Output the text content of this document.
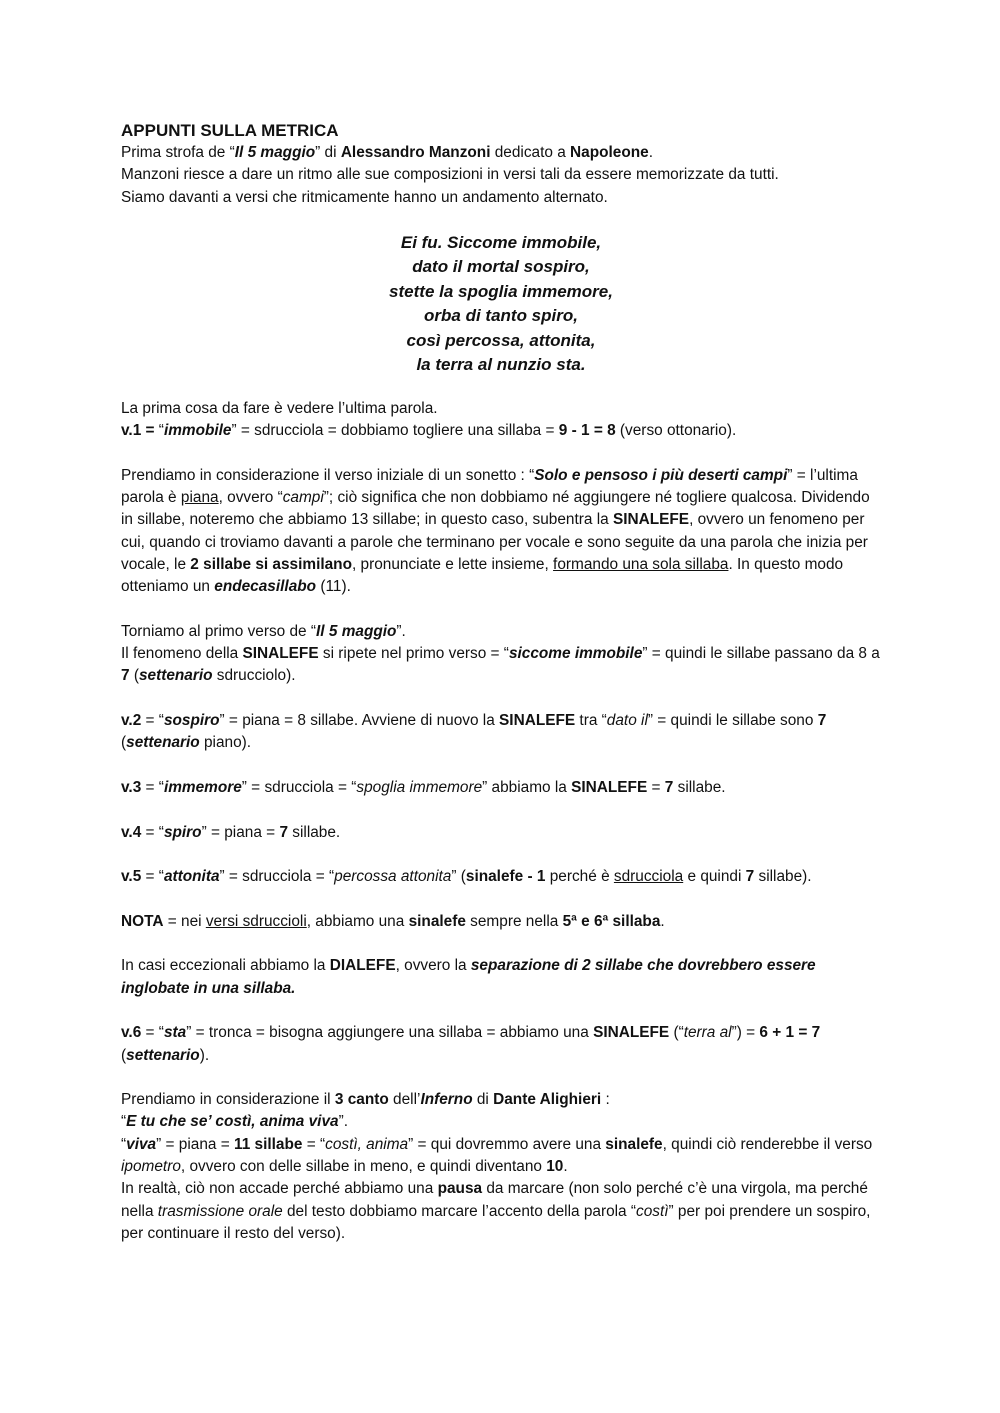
APPUNTI SULLA METRICA

Prima strofa de “Il 5 maggio” di Alessandro Manzoni dedicato a Napoleone.

Manzoni riesce a dare un ritmo alle sue composizioni in versi tali da essere memorizzate da tutti.

Siamo davanti a versi che ritmicamente hanno un andamento alternato.

Ei fu. Siccome immobile,
dato il mortal sospiro,
stette la spoglia immemore,
orba di tanto spiro,
così percossa, attonita,
la terra al nunzio sta.

La prima cosa da fare è vedere l’ultima parola.

v.1 = “immobile” = sdrucciola = dobbiamo togliere una sillaba = 9 - 1 = 8 (verso ottonario).

Prendiamo in considerazione il verso iniziale di un sonetto : “Solo e pensoso i più deserti campi” = l’ultima parola è piana, ovvero “campi”; ciò significa che non dobbiamo né aggiungere né togliere qualcosa. Dividendo in sillabe, noteremo che abbiamo 13 sillabe; in questo caso, subentra la SINALEFE, ovvero un fenomeno per cui, quando ci troviamo davanti a parole che terminano per vocale e sono seguite da una parola che inizia per vocale, le 2 sillabe si assimilano, pronunciate e lette insieme, formando una sola sillaba. In questo modo otteniamo un endecasillabo (11).

Torniamo al primo verso de “Il 5 maggio”.

Il fenomeno della SINALEFE si ripete nel primo verso = “siccome immobile” = quindi le sillabe passano da 8 a 7 (settenario sdrucciolo).

v.2 = “sospiro” = piana = 8 sillabe. Avviene di nuovo la SINALEFE tra “dato il” = quindi le sillabe sono 7 (settenario piano).

v.3 = “immemore” = sdrucciola = “spoglia immemore” abbiamo la SINALEFE = 7 sillabe.

v.4 = “spiro” = piana = 7 sillabe.

v.5 = “attonita” = sdrucciola = “percossa attonita” (sinalefe - 1 perché è sdrucciola e quindi 7 sillabe).

NOTA = nei versi sdruccioli, abbiamo una sinalefe sempre nella 5ª e 6ª sillaba.

In casi eccezionali abbiamo la DIALEFE, ovvero la separazione di 2 sillabe che dovrebbero essere inglobate in una sillaba.

v.6 = “sta” = tronca = bisogna aggiungere una sillaba = abbiamo una SINALEFE (“terra al”) = 6 + 1 = 7 (settenario).

Prendiamo in considerazione il 3 canto dell’Inferno di Dante Alighieri :

“E tu che se’ costì, anima viva”.

“viva” = piana = 11 sillabe = “costì, anima” = qui dovremmo avere una sinalefe, quindi ciò renderebbe il verso ipometro, ovvero con delle sillabe in meno, e quindi diventano 10.

In realtà, ciò non accade perché abbiamo una pausa da marcare (non solo perché c’è una virgola, ma perché nella trasmissione orale del testo dobbiamo marcare l’accento della parola “costì” per poi prendere un sospiro, per continuare il resto del verso).
